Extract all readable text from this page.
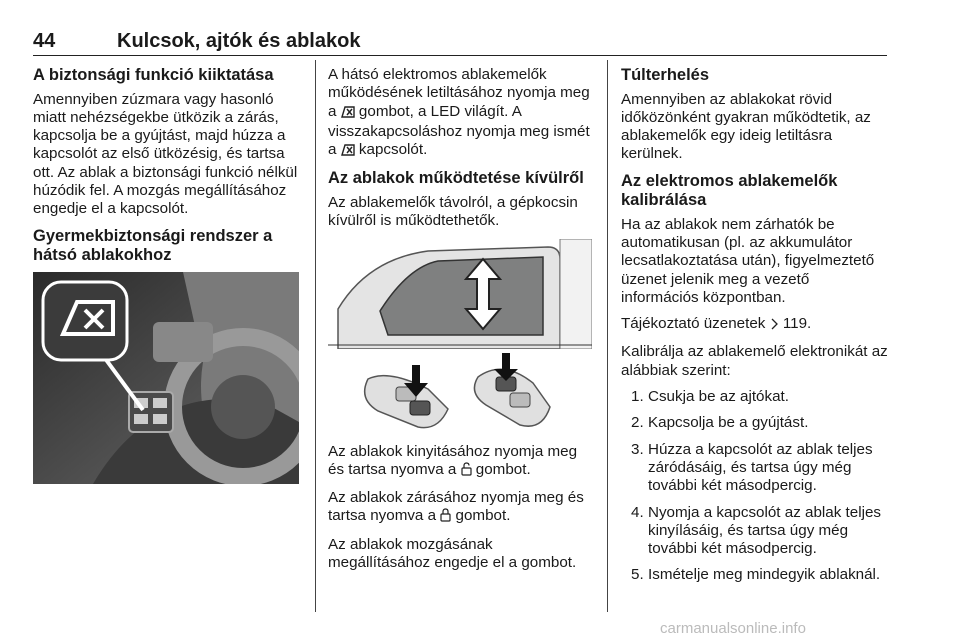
44	Kulcsok, ajtók és ablakok
A biztonsági funkció kiiktatása
Amennyiben zúzmara vagy hasonló miatt nehézségekbe ütközik a zárás, kapcsolja be a gyújtást, majd húzza a kapcsolót az első ütközésig, és tartsa ott. Az ablak a biztonsági funkció nélkül húzódik fel. A mozgás megállításához engedje el a kapcsolót.
Gyermekbiztonsági rendszer a hátsó ablakokhoz
A hátsó elektromos ablakemelők működésének letiltásához nyomja meg a gombot, a LED világít. A visszakapcsoláshoz nyomja meg ismét a kapcsolót.
Az ablakok működtetése kívülről
Az ablakemelők távolról, a gépkocsin kívülről is működtethetők.
Az ablakok kinyitásához nyomja meg és tartsa nyomva a gombot.
Az ablakok zárásához nyomja meg és tartsa nyomva a gombot.
Az ablakok mozgásának megállításához engedje el a gombot.
Túlterhelés
Amennyiben az ablakokat rövid időközönként gyakran működtetik, az ablakemelők egy ideig letiltásra kerülnek.
Az elektromos ablakemelők kalibrálása
Ha az ablakok nem zárhatók be automatikusan (pl. az akkumulátor lecsatlakoztatása után), figyelmeztető üzenet jelenik meg a vezető információs központban.
Tájékoztató üzenetek 119.
Kalibrálja az ablakemelő elektronikát az alábbiak szerint:
1. Csukja be az ajtókat.
2. Kapcsolja be a gyújtást.
3. Húzza a kapcsolót az ablak teljes záródásáig, és tartsa úgy még további két másodpercig.
4. Nyomja a kapcsolót az ablak teljes kinyílásáig, és tartsa úgy még további két másodpercig.
5. Ismételje meg mindegyik ablaknál.
carmanualsonline.info
